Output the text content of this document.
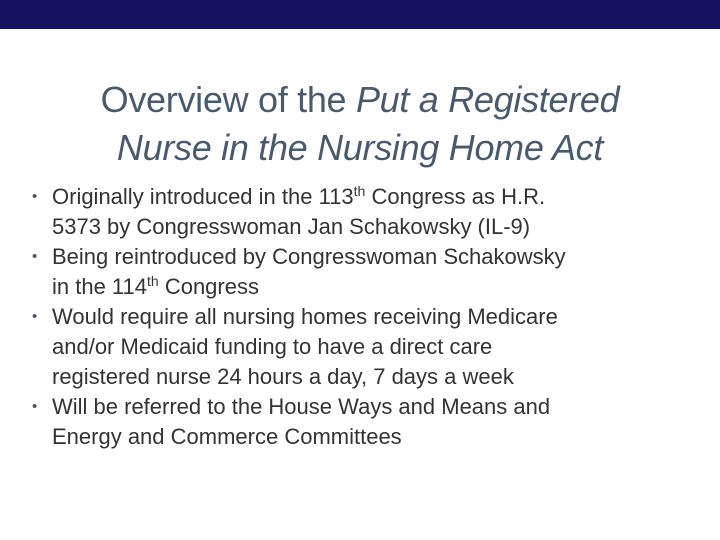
Overview of the Put a Registered
Nurse in the Nursing Home Act
• Originally introduced in the 113th Congress as H.R.
5373 by Congresswoman Jan Schakowsky (IL-9)
• Being reintroduced by Congresswoman Schakowsky
in the 114th Congress
• Would require all nursing homes receiving Medicare
and/or Medicaid funding to have a direct care
registered nurse 24 hours a day, 7 days a week
• Will be referred to the House Ways and Means and
Energy and Commerce Committees
